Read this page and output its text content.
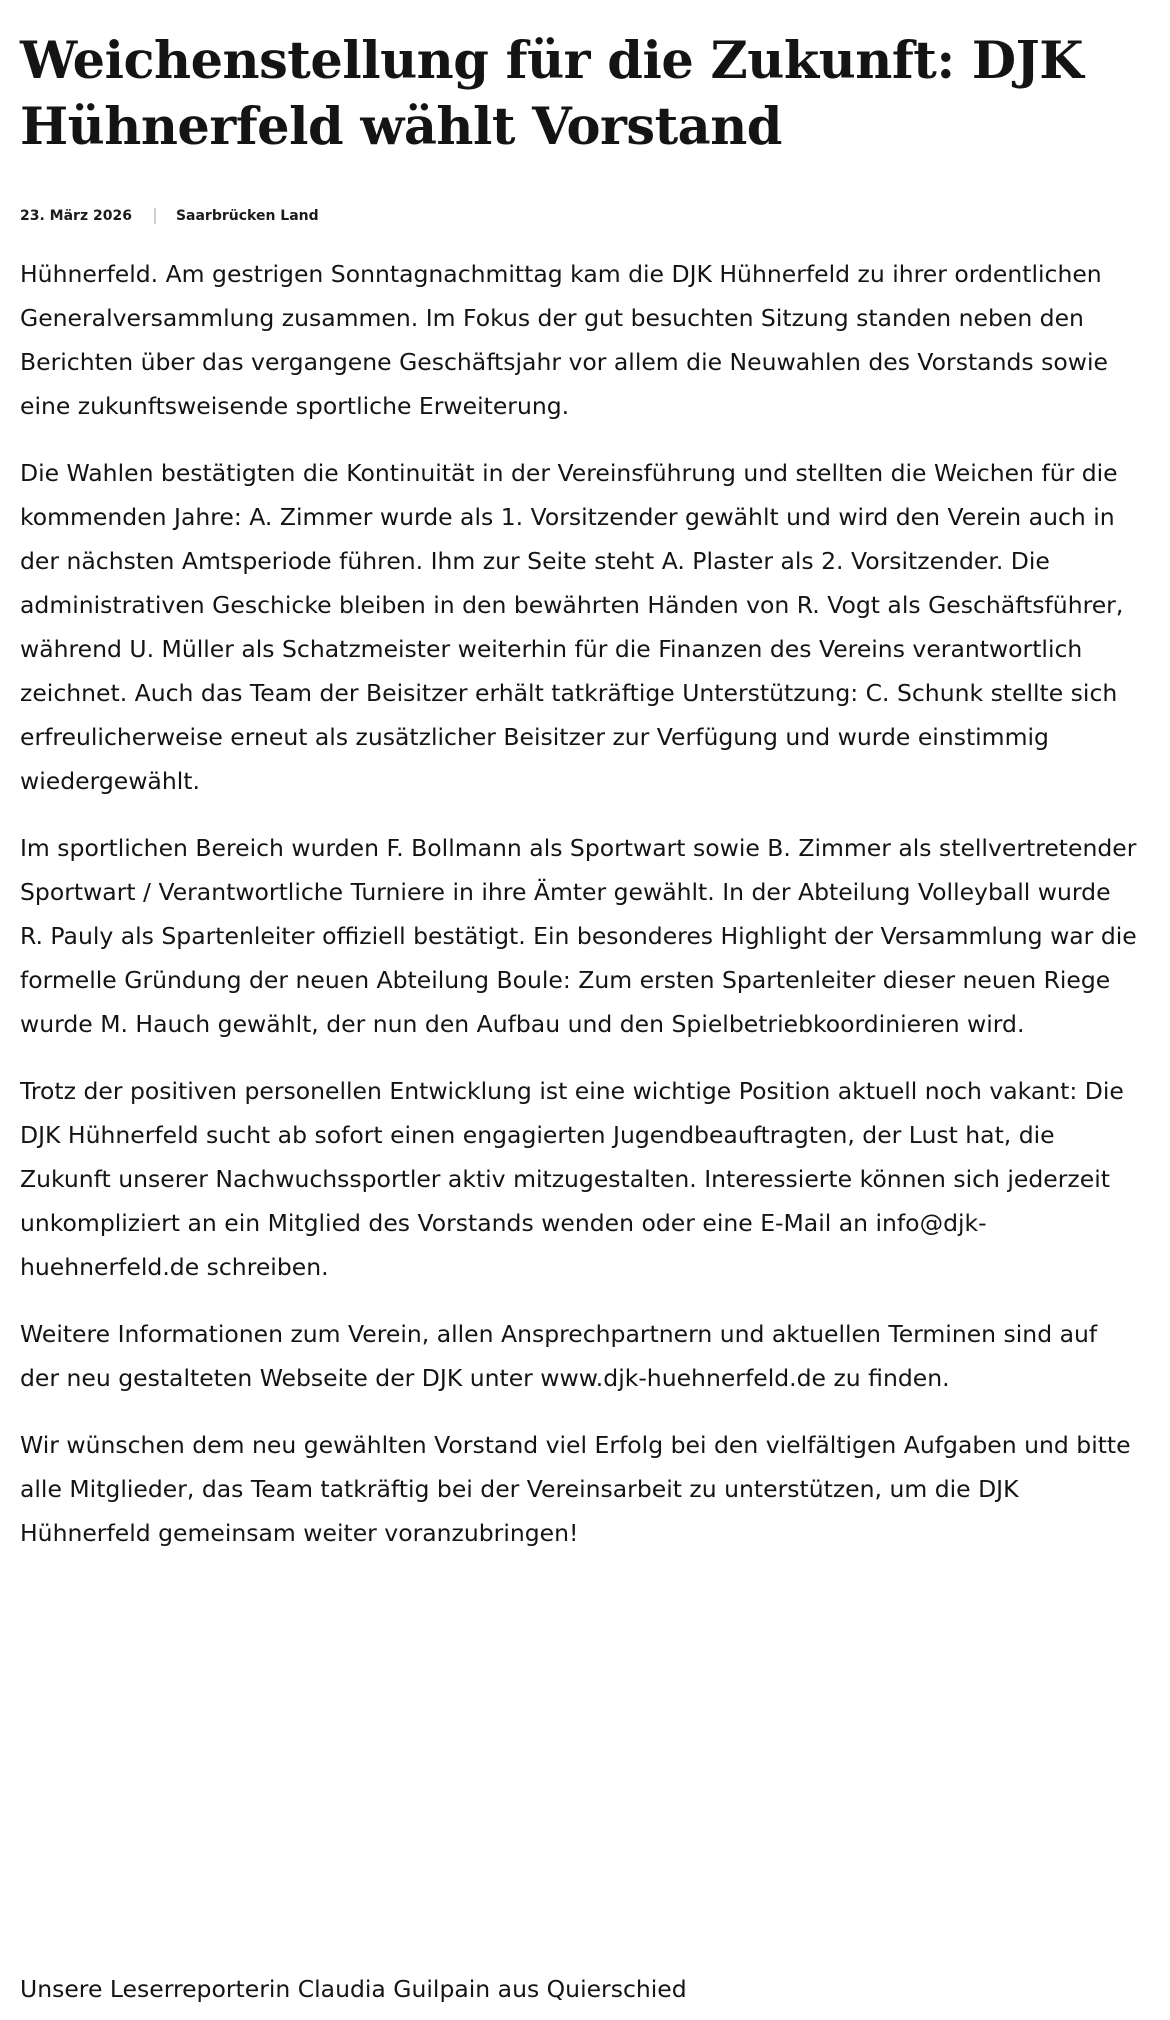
Weichenstellung für die Zukunft: DJK Hühnerfeld wählt Vorstand
23. März 2026	Saarbrücken Land

Hühnerfeld. Am gestrigen Sonntagnachmittag kam die DJK Hühnerfeld zu ihrer ordentlichen Generalversammlung zusammen. Im Fokus der gut besuchten Sitzung standen neben den Berichten über das vergangene Geschäftsjahr vor allem die Neuwahlen des Vorstands sowie eine zukunftsweisende sportliche Erweiterung.

Die Wahlen bestätigten die Kontinuität in der Vereinsführung und stellten die Weichen für die kommenden Jahre: A. Zimmer wurde als 1. Vorsitzender gewählt und wird den Verein auch in der nächsten Amtsperiode führen. Ihm zur Seite steht A. Plaster als 2. Vorsitzender. Die administrativen Geschicke bleiben in den bewährten Händen von R. Vogt als Geschäftsführer, während U. Müller als Schatzmeister weiterhin für die Finanzen des Vereins verantwortlich zeichnet. Auch das Team der Beisitzer erhält tatkräftige Unterstützung: C. Schunk stellte sich erfreulicherweise erneut als zusätzlicher Beisitzer zur Verfügung und wurde einstimmig wiedergewählt.

Im sportlichen Bereich wurden F. Bollmann als Sportwart sowie B. Zimmer als stellvertretender Sportwart / Verantwortliche Turniere in ihre Ämter gewählt. In der Abteilung Volleyball wurde R. Pauly als Spartenleiter offiziell bestätigt. Ein besonderes Highlight der Versammlung war die formelle Gründung der neuen Abteilung Boule: Zum ersten Spartenleiter dieser neuen Riege wurde M. Hauch gewählt, der nun den Aufbau und den Spielbetriebkoordinieren wird.

Trotz der positiven personellen Entwicklung ist eine wichtige Position aktuell noch vakant: Die DJK Hühnerfeld sucht ab sofort einen engagierten Jugendbeauftragten, der Lust hat, die Zukunft unserer Nachwuchssportler aktiv mitzugestalten. Interessierte können sich jederzeit unkompliziert an ein Mitglied des Vorstands wenden oder eine E-Mail an info@djk-huehnerfeld.de schreiben.

Weitere Informationen zum Verein, allen Ansprechpartnern und aktuellen Terminen sind auf der neu gestalteten Webseite der DJK unter www.djk-huehnerfeld.de zu finden.

Wir wünschen dem neu gewählten Vorstand viel Erfolg bei den vielfältigen Aufgaben und bitte alle Mitglieder, das Team tatkräftig bei der Vereinsarbeit zu unterstützen, um die DJK Hühnerfeld gemeinsam weiter voranzubringen!

Unsere Leserreporterin Claudia Guilpain aus Quierschied
